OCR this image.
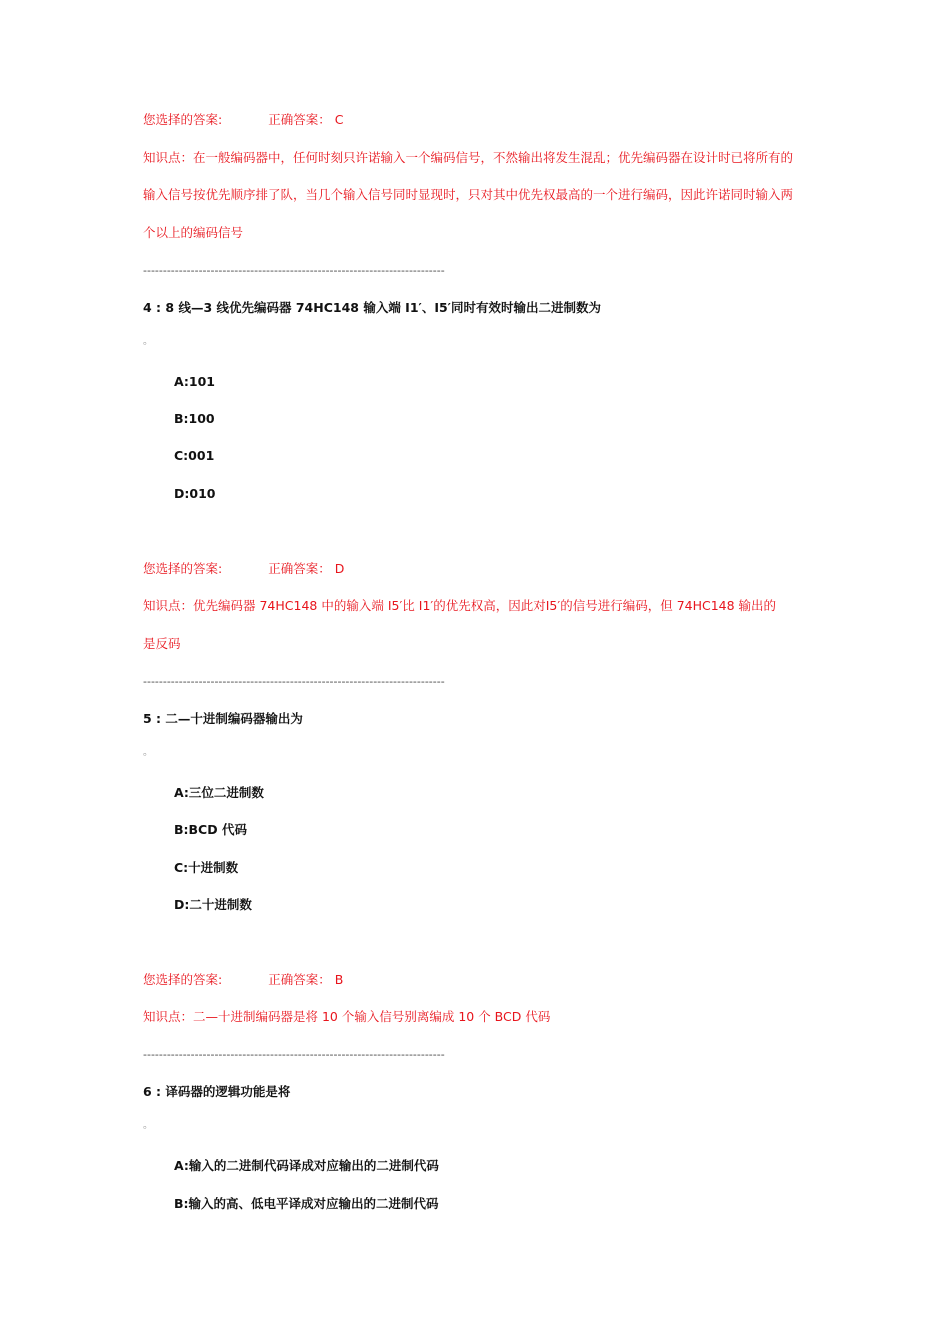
您选择的答案:	正确答案： C
知识点：在一般编码器中，任何时刻只许诺输入一个编码信号，不然输出将发生混乱；优先编码器在设计时已将所有的
输入信号按优先顺序排了队，当几个输入信号同时显现时，只对其中优先权最高的一个进行编码，因此许诺同时输入两
个以上的编码信号
----------------------------------------------------------------------------
4 : 8 线—3 线优先编码器 74HC148 输入端 I1′、I5′同时有效时输出二进制数为
。
A:101
B:100
C:001
D:010
您选择的答案:	正确答案： D
知识点：优先编码器 74HC148 中的输入端 I5′比 I1′的优先权高，因此对I5′的信号进行编码，但 74HC148 输出的
是反码
----------------------------------------------------------------------------
5 : 二—十进制编码器输出为
。
A:三位二进制数
B:BCD 代码
C:十进制数
D:二十进制数
您选择的答案:	正确答案： B
知识点：二—十进制编码器是将 10 个输入信号别离编成 10 个 BCD 代码
----------------------------------------------------------------------------
6 : 译码器的逻辑功能是将
。
A:输入的二进制代码译成对应输出的二进制代码
B:输入的高、低电平译成对应输出的二进制代码
